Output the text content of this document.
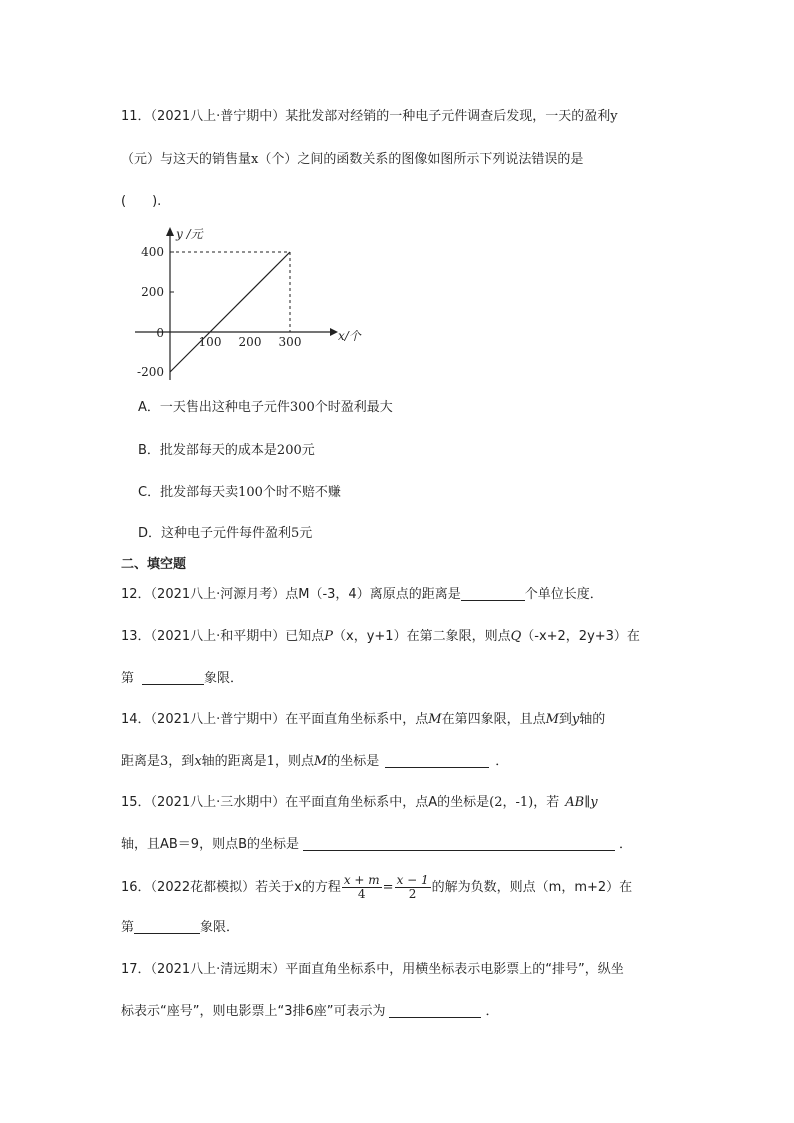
11．（2021八上·普宁期中）某批发部对经销的一种电子元件调查后发现，一天的盈利y
（元）与这天的销售量x（个）之间的函数关系的图像如图所示下列说法错误的是
(　　).
100 200 300
400
200
0
-200
y /元
x/个
A．一天售出这种电子元件300个时盈利最大
B．批发部每天的成本是200元
C．批发部每天卖100个时不赔不赚
D．这种电子元件每件盈利5元
二、填空题
12．（2021八上·河源月考）点M（-3，4）离原点的距离是	个单位长度．
13．（2021八上·和平期中）已知点P（x，y+1）在第二象限，则点Q（-x+2，2y+3）在
第	象限．
14．（2021八上·普宁期中）在平面直角坐标系中，点M在第四象限，且点M到y轴的
距离是3，到x轴的距离是1，则点M的坐标是	．
15．（2021八上·三水期中）在平面直角坐标系中，点A的坐标是(2，-1)，若 AB∥y
轴，且AB＝9，则点B的坐标是	．
16．（2022花都模拟）若关于x的方程 $\frac{x + m}{4} = \frac{x - 1}{2}$ 的解为负数，则点（m，m+2）在
第	象限．
17．（2021八上·清远期末）平面直角坐标系中，用横坐标表示电影票上的“排号”，纵坐
标表示“座号”，则电影票上“3排6座”可表示为	．
